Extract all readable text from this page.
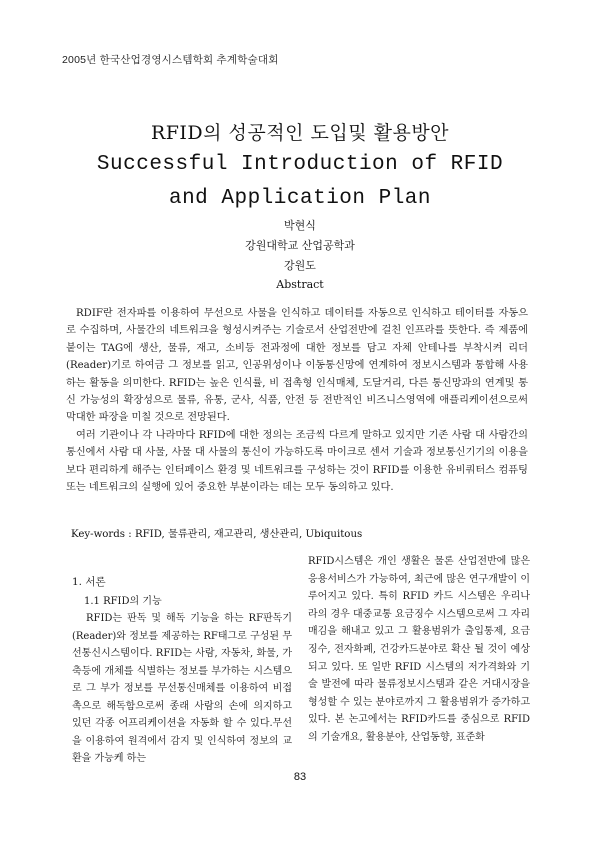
2005년 한국산업경영시스템학회 추계학술대회
RFID의 성공적인 도입및 활용방안
Successful Introduction of RFID
and Application Plan
박현식
강원대학교 산업공학과
강원도
Abstract

RDIF란 전자파를 이용하여 무선으로 사물을 인식하고 데이터를 자동으로 인식하고 테이터를 자동으로 수집하며, 사물간의 네트워크을 형성시켜주는 기술로서 산업전반에 걸친 인프라를 뜻한다. 즉 제품에 붙이는 TAG에 생산, 물류, 재고, 소비등 전과정에 대한 정보를 담고 자체 안테나를 부착시켜 리더(Reader)기로 하여금 그 정보를 읽고, 인공위성이나 이동통신망에 연계하여 정보시스템과 통합해 사용하는 활동을 의미한다. RFID는 높은 인식률, 비 접촉형 인식매체, 도달거리, 다른 통신망과의 연계및 통신 가능성의 확장성으로 물류, 유통, 군사, 식품, 안전 등 전반적인 비즈니스영역에 애플리케이션으로써 막대한 파장을 미칠 것으로 전망된다.

여러 기관이나 각 나라마다 RFID에 대한 정의는 조금씩 다르게 말하고 있지만 기존 사람 대 사람간의 통신에서 사람 대 사물, 사물 대 사물의 통신이 가능하도록 마이크로 센서 기술과 정보통신기기의 이용을 보다 편리하게 해주는 인터페이스 환경 및 네트워크를 구성하는 것이 RFID를 이용한 유비쿼터스 컴퓨팅 또는 네트워크의 실행에 있어 중요한 부분이라는 데는 모두 동의하고 있다.

Key-words : RFID, 물류관리, 재고관리, 생산관리, Ubiquitous
1. 서론
1.1 RFID의 기능

RFID는 판독 및 해독 기능을 하는 RF판독기(Reader)와 정보를 제공하는 RF태그로 구성된 무선통신시스템이다. RFID는 사람, 자동차, 화물, 가축등에 개체를 식별하는 정보를 부가하는 시스템으로 그 부가 정보를 무선통신매체를 이용하여 비접촉으로 해독함으로써 종래 사람의 손에 의지하고 있던 각종 어프리케이션을 자동화 할 수 있다.무선을 이용하여 원격에서 감지 및 인식하여 정보의 교환을 가능케 하는

RFID시스템은 개인 생활은 물론 산업전반에 많은 응용서비스가 가능하여, 최근에 많은 연구개발이 이루어지고 있다. 특히 RFID 카드 시스템은 우리나라의 경우 대중교통 요금징수 시스템으로써 그 자리 매김을 해내고 있고 그 활용범위가 출입통제, 요금징수, 전자화폐, 건강카드분야로 확산 될 것이 예상되고 있다. 또 일반 RFID 시스템의 저가격화와 기술 발전에 따라 물류정보시스템과 같은 거대시장을 형성할 수 있는 분야로까지 그 활용범위가 증가하고 있다. 본 논고에서는 RFID카드를 중심으로 RFID의 기술개요, 활용분야, 산업동향, 표준화

83
